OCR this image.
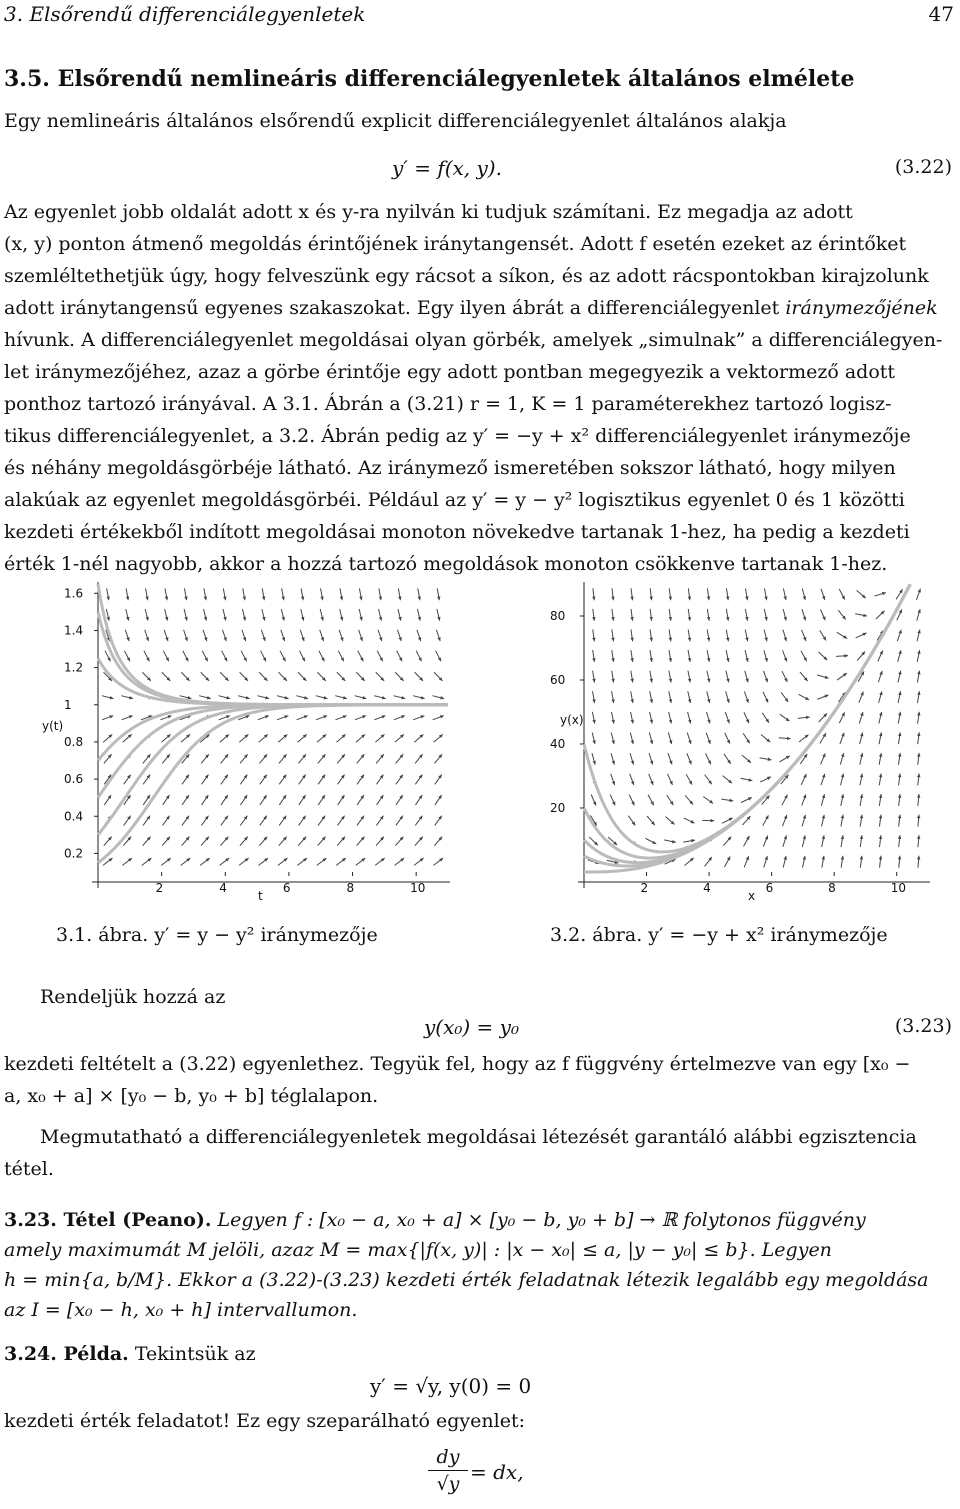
3. Elsőrendű differenciálegyenletek	47
3.5. Elsőrendű nemlineáris differenciálegyenletek általános elmélete
Egy nemlineáris általános elsőrendű explicit differenciálegyenlet általános alakja
y′ = f(x, y).	(3.22)
Az egyenlet jobb oldalát adott x és y-ra nyilván ki tudjuk számítani. Ez megadja az adott
(x, y) ponton átmenő megoldás érintőjének iránytangensét. Adott f esetén ezeket az érintőket
szemléltethetjük úgy, hogy felveszünk egy rácsot a síkon, és az adott rácspontokban kirajzolunk
adott iránytangensű egyenes szakaszokat. Egy ilyen ábrát a differenciálegyenlet iránymezőjének
hívunk. A differenciálegyenlet megoldásai olyan görbék, amelyek „simulnak” a differenciálegyen-
let iránymezőjéhez, azaz a görbe érintője egy adott pontban megegyezik a vektormező adott
ponthoz tartozó irányával. A 3.1. Ábrán a (3.21) r = 1, K = 1 paraméterekhez tartozó logisz-
tikus differenciálegyenlet, a 3.2. Ábrán pedig az y′ = −y + x² differenciálegyenlet iránymezője
és néhány megoldásgörbéje látható. Az iránymező ismeretében sokszor látható, hogy milyen
alakúak az egyenlet megoldásgörbéi. Például az y′ = y − y² logisztikus egyenlet 0 és 1 közötti
kezdeti értékekből indított megoldásai monoton növekedve tartanak 1-hez, ha pedig a kezdeti
érték 1-nél nagyobb, akkor a hozzá tartozó megoldások monoton csökkenve tartanak 1-hez.
2	4	6	8	10
0.2
0.4
0.6
0.8
1
1.2
1.4
1.6
y(t)
t
2	4	6	8	10
20
40
60
80
y(x)
x
3.1. ábra. y′ = y − y² iránymezője	3.2. ábra. y′ = −y + x² iránymezője
Rendeljük hozzá az
y(x₀) = y₀	(3.23)
kezdeti feltételt a (3.22) egyenlethez. Tegyük fel, hogy az f függvény értelmezve van egy [x₀ −
a, x₀ + a] × [y₀ − b, y₀ + b] téglalapon.
Megmutatható a differenciálegyenletek megoldásai létezését garantáló alábbi egzisztencia
tétel.
3.23. Tétel (Peano). Legyen f : [x₀ − a, x₀ + a] × [y₀ − b, y₀ + b] → ℝ folytonos függvény
amely maximumát M jelöli, azaz M = max{|f(x, y)| : |x − x₀| ≤ a, |y − y₀| ≤ b}. Legyen
h = min{a, b/M}. Ekkor a (3.22)-(3.23) kezdeti érték feladatnak létezik legalább egy megoldása
az I = [x₀ − h, x₀ + h] intervallumon.
3.24. Példa. Tekintsük az
y′ = √y, y(0) = 0
kezdeti érték feladatot! Ez egy szeparálható egyenlet:
dy
√y = dx,
